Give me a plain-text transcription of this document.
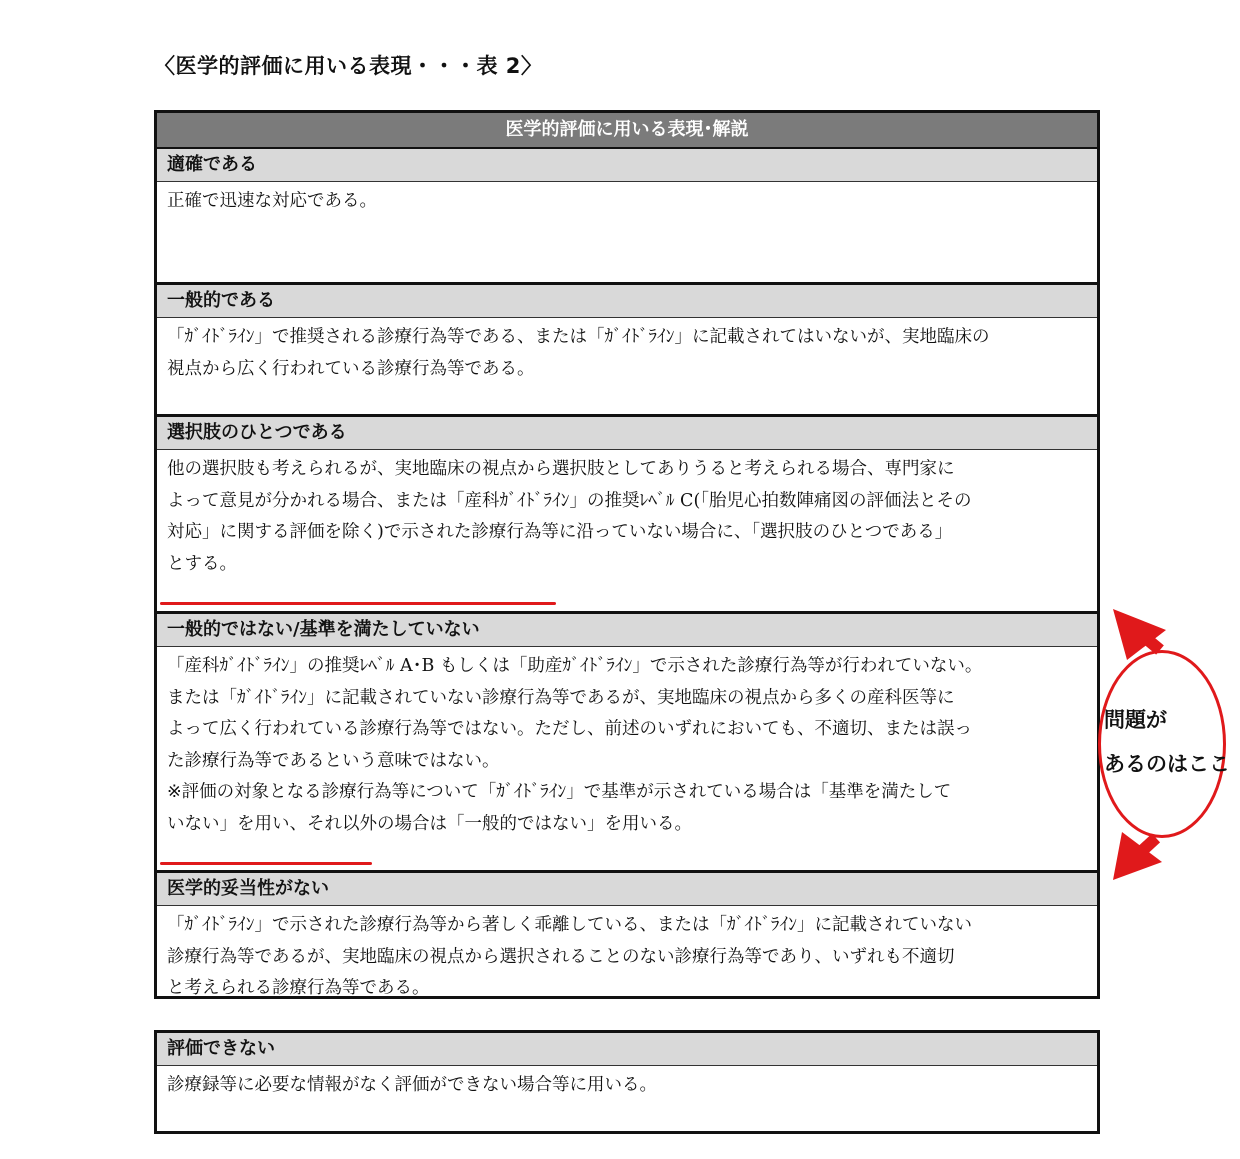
〈医学的評価に用いる表現・・・表 2〉
医学的評価に用いる表現･解説
適確である
正確で迅速な対応である。
一般的である
「ｶﾞｲﾄﾞﾗｲﾝ」で推奨される診療行為等である、または「ｶﾞｲﾄﾞﾗｲﾝ」に記載されてはいないが、実地臨床の
視点から広く行われている診療行為等である。
選択肢のひとつである
他の選択肢も考えられるが、実地臨床の視点から選択肢としてありうると考えられる場合、専門家に
よって意見が分かれる場合、または「産科ｶﾞｲﾄﾞﾗｲﾝ」の推奨ﾚﾍﾞﾙ C(「胎児心拍数陣痛図の評価法とその
対応」に関する評価を除く)で示された診療行為等に沿っていない場合に、「選択肢のひとつである」
とする。
一般的ではない/基準を満たしていない
「産科ｶﾞｲﾄﾞﾗｲﾝ」の推奨ﾚﾍﾞﾙ A･B もしくは「助産ｶﾞｲﾄﾞﾗｲﾝ」で示された診療行為等が行われていない。
または「ｶﾞｲﾄﾞﾗｲﾝ」に記載されていない診療行為等であるが、実地臨床の視点から多くの産科医等に
よって広く行われている診療行為等ではない。ただし、前述のいずれにおいても、不適切、または誤っ
た診療行為等であるという意味ではない。
※評価の対象となる診療行為等について「ｶﾞｲﾄﾞﾗｲﾝ」で基準が示されている場合は「基準を満たして
いない」を用い、それ以外の場合は「一般的ではない」を用いる。
医学的妥当性がない
「ｶﾞｲﾄﾞﾗｲﾝ」で示された診療行為等から著しく乖離している、または「ｶﾞｲﾄﾞﾗｲﾝ」に記載されていない
診療行為等であるが、実地臨床の視点から選択されることのない診療行為等であり、いずれも不適切
と考えられる診療行為等である。
評価できない
診療録等に必要な情報がなく評価ができない場合等に用いる。
問題が
あるのはここ
